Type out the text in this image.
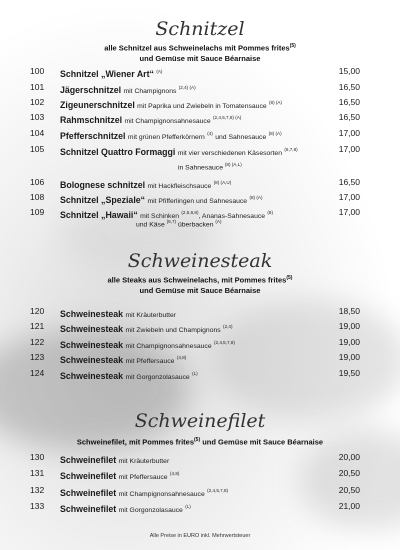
Schnitzel

alle Schnitzel aus Schweinelachs mit Pommes frites$^{(5)}$

und Gemüse mit Sauce Béarnaise

100 Schnitzel „Wiener Art“ $^{(A)}$	15,00
101 Jägerschnitzel mit Champignons $^{(2,4) (A)}$	16,50
102 Zigeunerschnitzel mit Paprika und Zwiebeln in Tomatensauce $^{(8) (A)}$	16,50
103 Rahmschnitzel mit Champignonsahnesauce $^{(2,4,5,7,8) (A)}$	16,50
104 Pfefferschnitzel mit grünen Pfefferkörnern $^{(4)}$ und Sahnesauce $^{(8) (A)}$	17,00
105 Schnitzel Quattro Formaggi mit vier verschiedenen Käsesorten $^{(6,7,8)}$	17,00
in Sahnesauce $^{(8) (A,L)}$
106 Bolognese schnitzel mit Hackfleischsauce $^{(8) (A,U)}$	16,50
108 Schnitzel „Speziale“ mit Pfifferlingen und Sahnesauce $^{(8) (A)}$	17,00
109 Schnitzel „Hawaii“ mit Schinken $^{(2,5,6,8)}$, Ananas-Sahnesauce $^{(8)}$	17,00
und Käse $^{(6,7)}$ überbacken $^{(A)}$

Schweinesteak

alle Steaks aus Schweinelachs, mit Pommes frites$^{(5)}$

und Gemüse mit Sauce Béarnaise

120 Schweinesteak mit Kräuterbutter	18,50
121 Schweinesteak mit Zwiebeln und Champignons $^{(2,4)}$	19,00
122 Schweinesteak mit Champignonsahnesauce $^{(2,4,5,7,8)}$	19,00
123 Schweinesteak mit Pfeffersauce $^{(4,8)}$	19,00
124 Schweinesteak mit Gorgonzolasauce $^{(L)}$	19,50

Schweinefilet

Schweinefilet, mit Pommes frites$^{(5)}$ und Gemüse mit Sauce Béarnaise

130 Schweinefilet mit Kräuterbutter	20,00
131 Schweinefilet mit Pfeffersauce $^{(4,8)}$	20,50
132 Schweinefilet mit Champignonsahnesauce $^{(2,4,5,7,8)}$	20,50
133 Schweinefilet mit Gorgonzolasauce $^{(L)}$	21,00
Alle Preise in EURO inkl. Mehrwertsteuer
